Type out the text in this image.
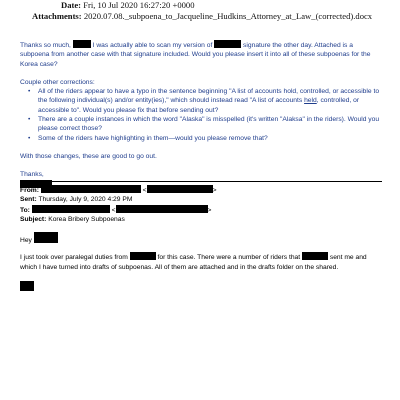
Date: Fri, 10 Jul 2020 16:27:20 +0000
Attachments: 2020.07.08._subpoena_to_Jacqueline_Hudkins_Attorney_at_Law_(corrected).docx

Thanks so much,	I was actually able to scan my version of	signature the other day. Attached is a subpoena from another case with that signature included. Would you please insert it into all of these subpoenas for the Korea case?

Couple other corrections:

• All of the riders appear to have a typo in the sentence beginning "A list of accounts hold, controlled, or accessible to the following individual(s) and/or entity(ies)," which should instead read "A list of accounts held, controlled, or accessible to". Would you please fix that before sending out?
• There are a couple instances in which the word "Alaska" is misspelled (it's written "Alaksa" in the riders). Would you please correct those?
• Some of the riders have highlighting in them—would you please remove that?

With those changes, these are good to go out.

Thanks,

From:	<	>
Sent: Thursday, July 9, 2020 4:29 PM
To:	<	>
Subject: Korea Bribery Subpoenas

Hey

I just took over paralegal duties from	for this case. There were a number of riders that	sent me and which I have turned into drafts of subpoenas. All of them are attached and in the drafts folder on the shared.
